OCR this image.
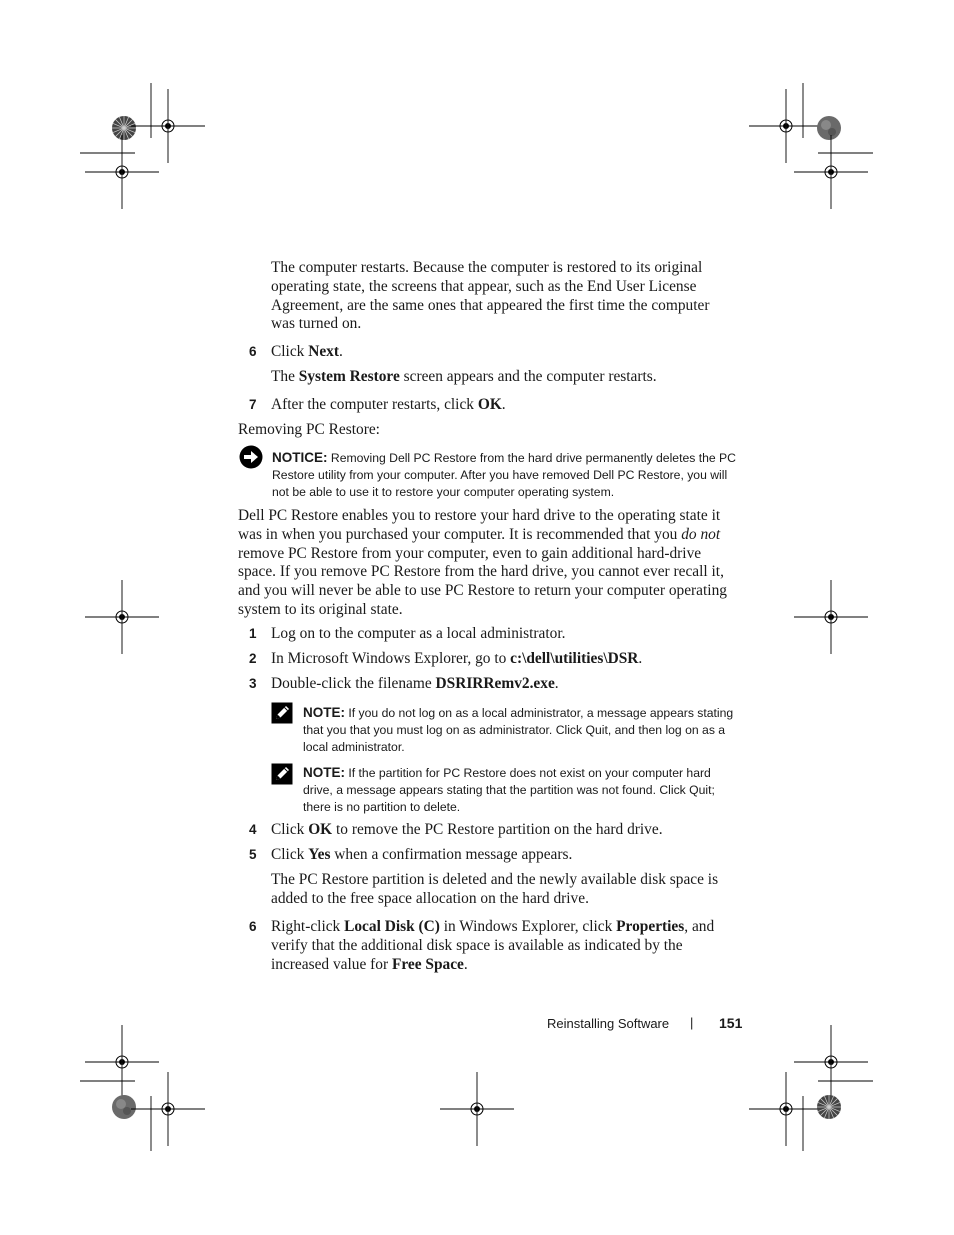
The computer restarts. Because the computer is restored to its original operating state, the screens that appear, such as the End User License Agreement, are the same ones that appeared the first time the computer was turned on.
6 Click Next.
The System Restore screen appears and the computer restarts.
7 After the computer restarts, click OK.
Removing PC Restore:
NOTICE: Removing Dell PC Restore from the hard drive permanently deletes the PC Restore utility from your computer. After you have removed Dell PC Restore, you will not be able to use it to restore your computer operating system.
Dell PC Restore enables you to restore your hard drive to the operating state it was in when you purchased your computer. It is recommended that you do not remove PC Restore from your computer, even to gain additional hard-drive space. If you remove PC Restore from the hard drive, you cannot ever recall it, and you will never be able to use PC Restore to return your computer operating system to its original state.
1 Log on to the computer as a local administrator.
2 In Microsoft Windows Explorer, go to c:\dell\utilities\DSR.
3 Double-click the filename DSRIRRemv2.exe.
NOTE: If you do not log on as a local administrator, a message appears stating that you that you must log on as administrator. Click Quit, and then log on as a local administrator.
NOTE: If the partition for PC Restore does not exist on your computer hard drive, a message appears stating that the partition was not found. Click Quit; there is no partition to delete.
4 Click OK to remove the PC Restore partition on the hard drive.
5 Click Yes when a confirmation message appears.
The PC Restore partition is deleted and the newly available disk space is added to the free space allocation on the hard drive.
6 Right-click Local Disk (C) in Windows Explorer, click Properties, and verify that the additional disk space is available as indicated by the increased value for Free Space.
Reinstalling Software | 151
